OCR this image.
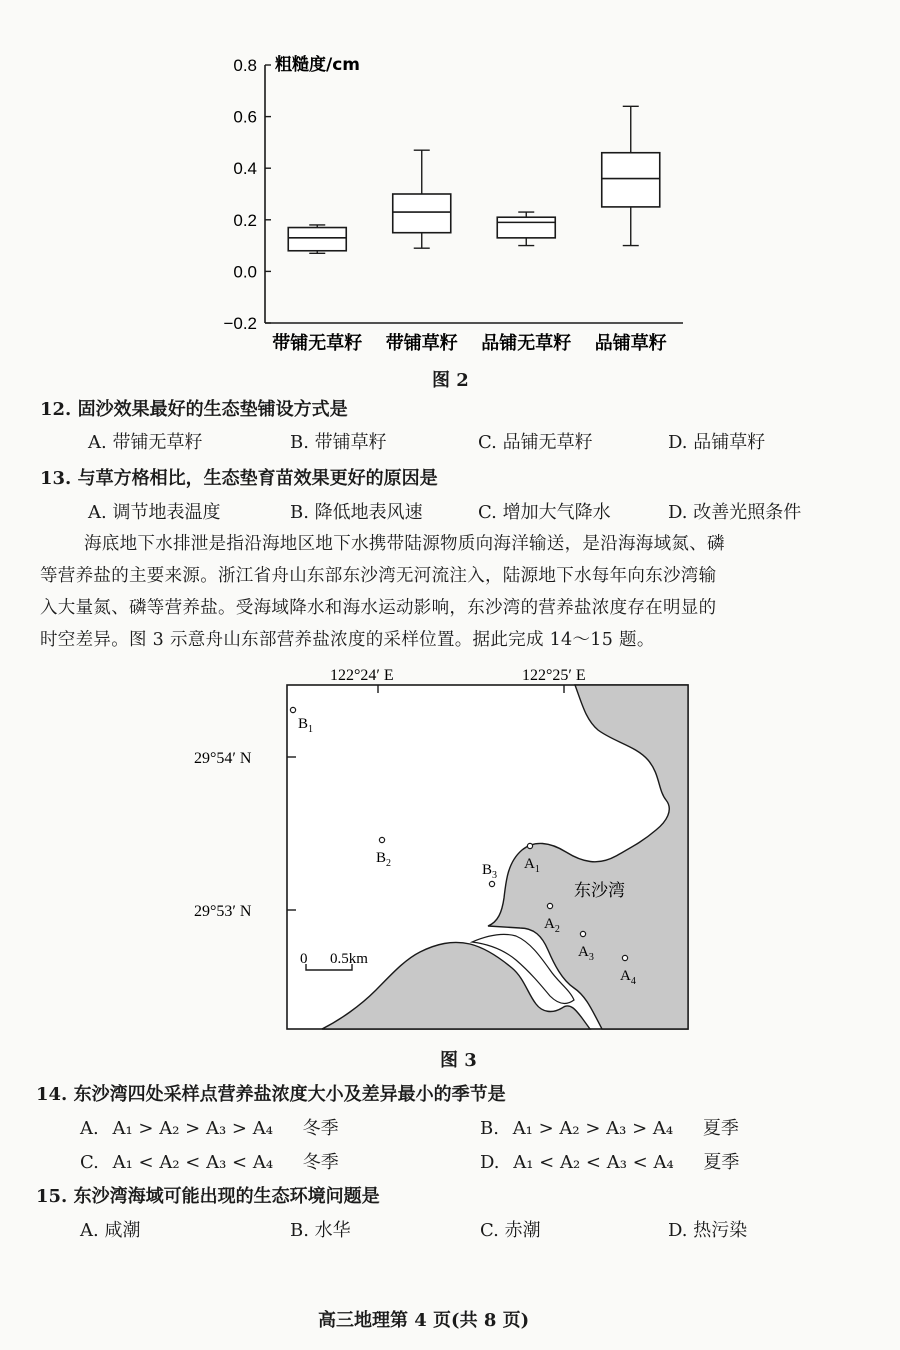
0.8
0.6
0.4
0.2
0.0
−0.2
带铺无草籽 带铺草籽 品铺无草籽 品铺草籽
粗糙度/cm
图 2
12. 固沙效果最好的生态垫铺设方式是
A. 带铺无草籽	B. 带铺草籽	C. 品铺无草籽	D. 品铺草籽
13. 与草方格相比，生态垫育苗效果更好的原因是
A. 调节地表温度	B. 降低地表风速	C. 增加大气降水	D. 改善光照条件
海底地下水排泄是指沿海地区地下水携带陆源物质向海洋输送，是沿海海域氮、磷
等营养盐的主要来源。浙江省舟山东部东沙湾无河流注入，陆源地下水每年向东沙湾输
入大量氮、磷等营养盐。受海域降水和海水运动影响，东沙湾的营养盐浓度存在明显的
时空差异。图 3 示意舟山东部营养盐浓度的采样位置。据此完成 14～15 题。
122°24′ E	122°25′ E
29°54′ N
29°53′ N
东沙湾
0 0.5km
$B_1$
$B_2$	$B_3$
$A_1$
$A_2$
$A_3$
$A_4$
图 3
14. 东沙湾四处采样点营养盐浓度大小及差异最小的季节是
A. A₁ > A₂ > A₃ > A₄ 冬季	B. A₁ > A₂ > A₃ > A₄ 夏季
C. A₁ < A₂ < A₃ < A₄ 冬季	D. A₁ < A₂ < A₃ < A₄ 夏季
15. 东沙湾海域可能出现的生态环境问题是
A. 咸潮	B. 水华	C. 赤潮	D. 热污染
高三地理第 4 页(共 8 页)
